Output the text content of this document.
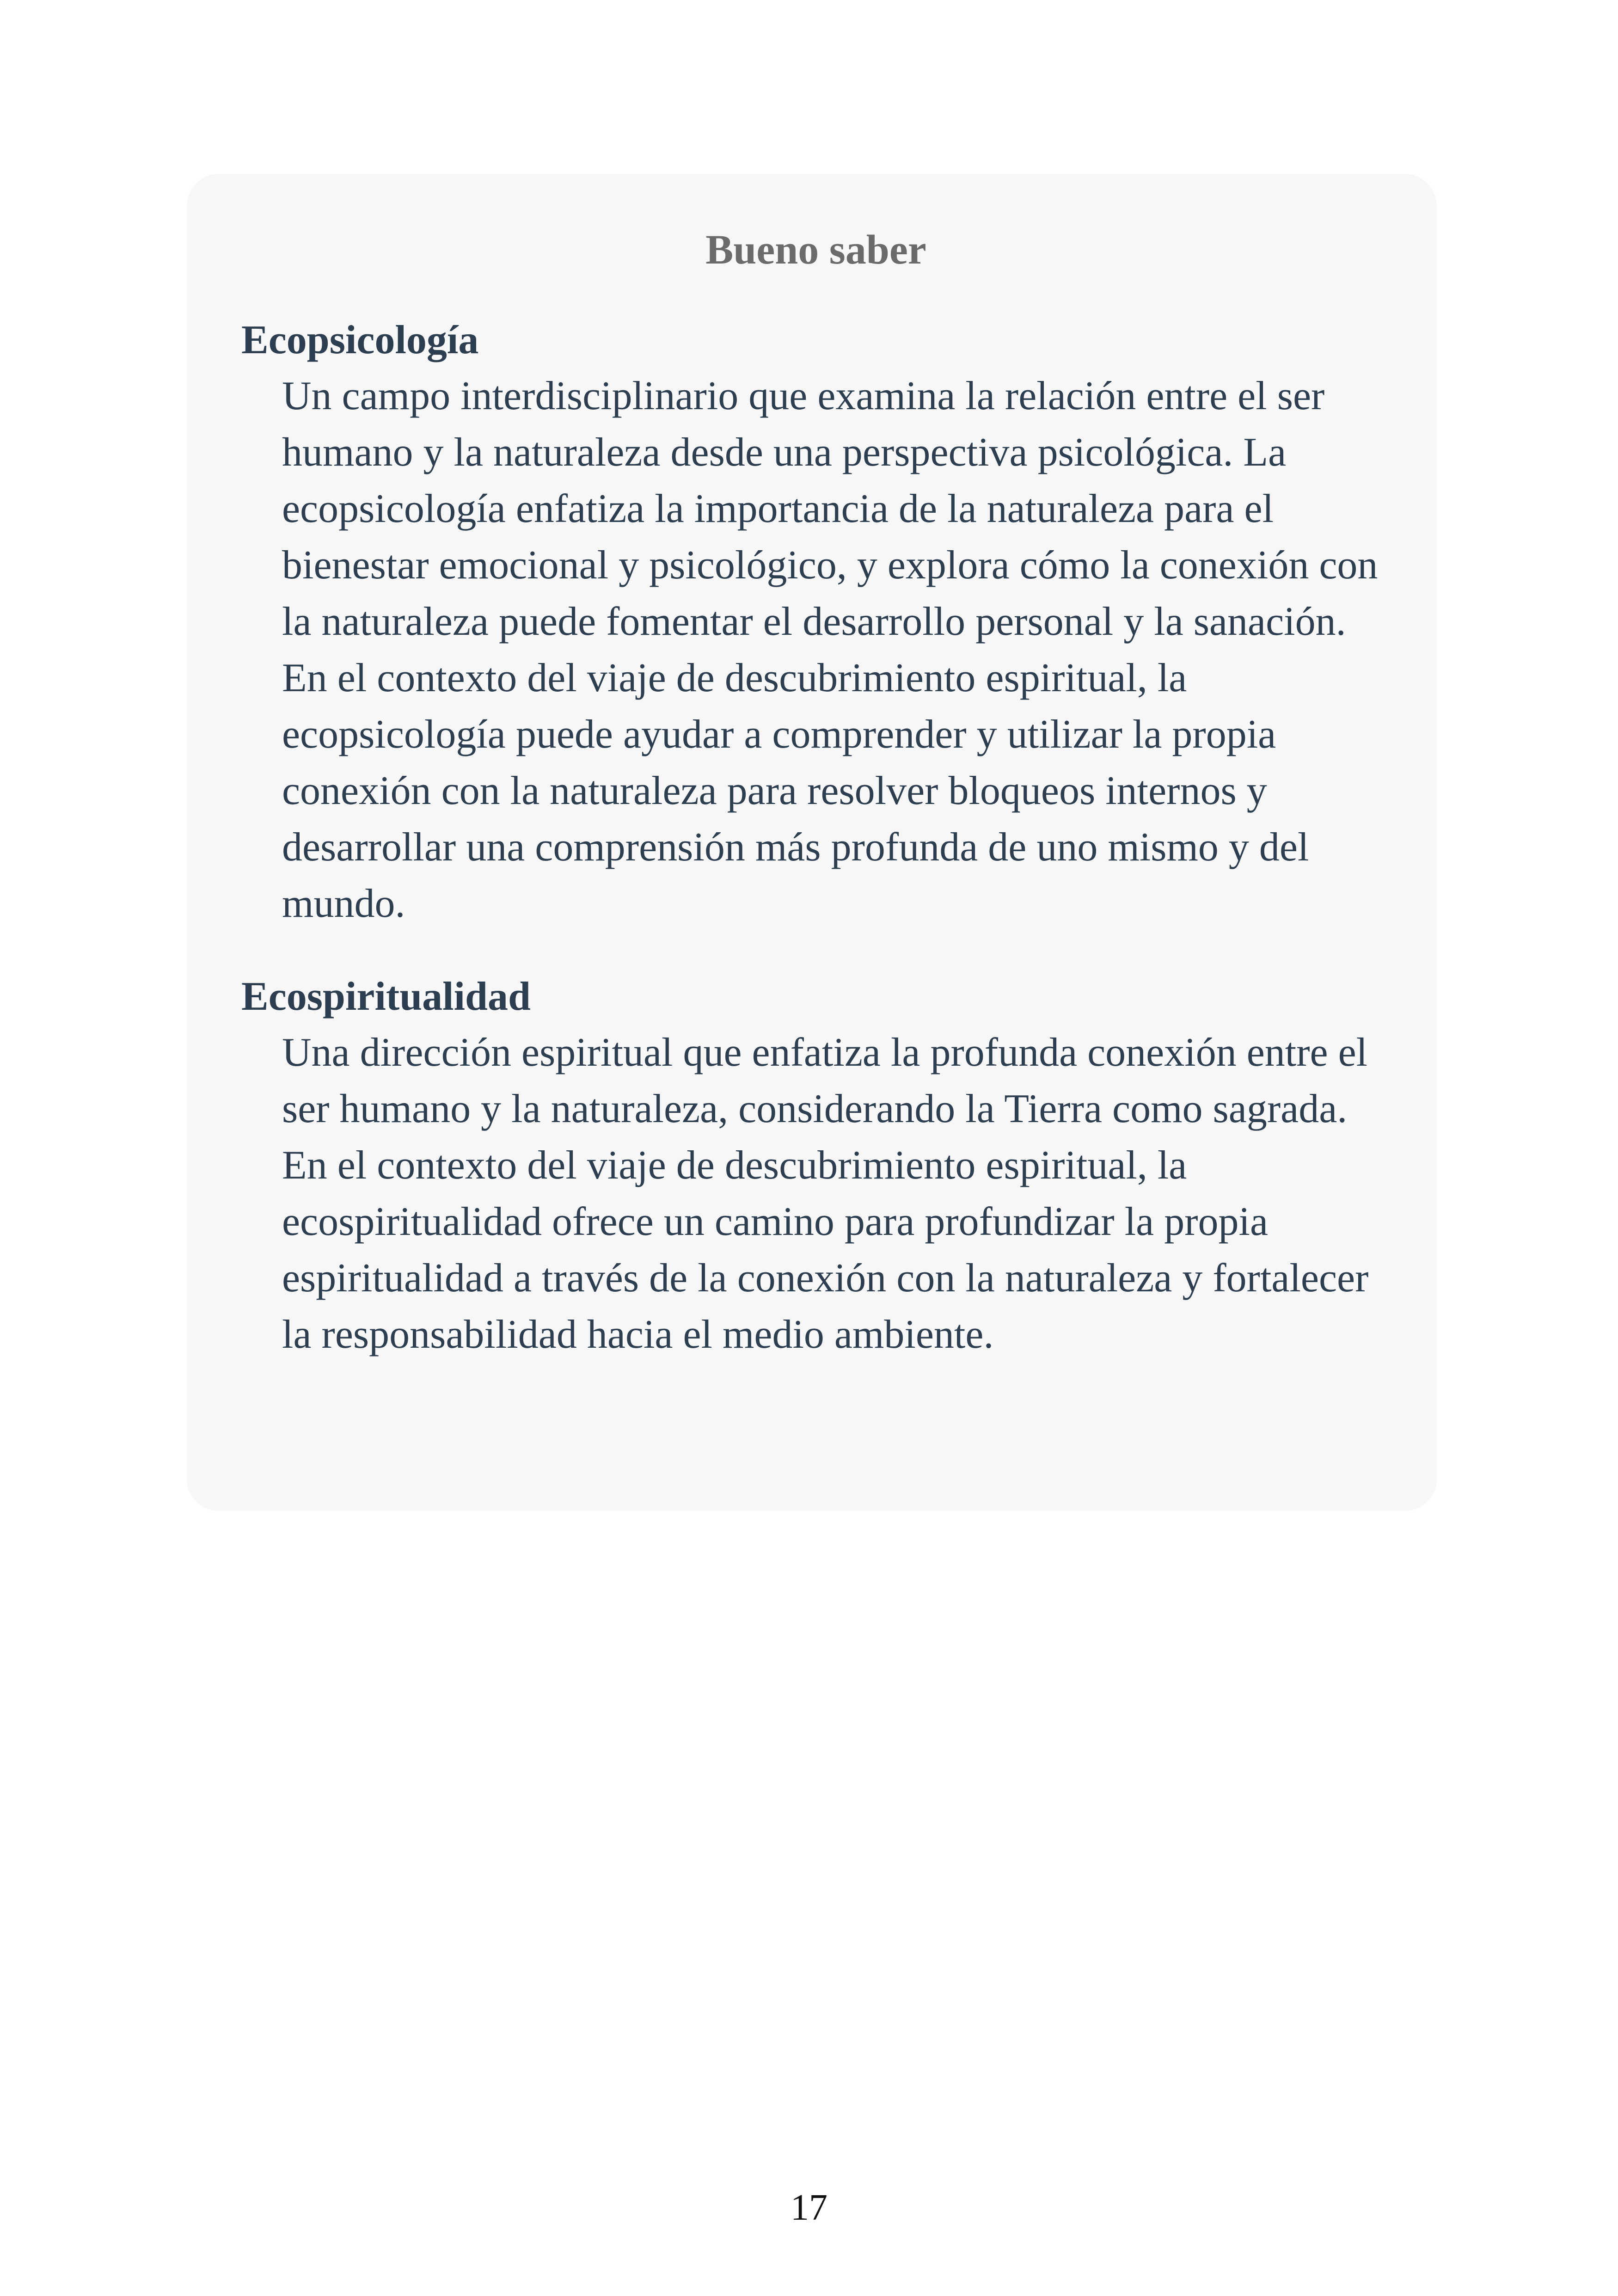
Bueno saber

Ecopsicología

Un campo interdisciplinario que examina la relación entre el ser humano y la naturaleza desde una perspectiva psicológica. La ecopsicología enfatiza la importancia de la naturaleza para el bienestar emocional y psicológico, y explora cómo la conexión con la naturaleza puede fomentar el desarrollo personal y la sanación. En el contexto del viaje de descubrimiento espiritual, la ecopsicología puede ayudar a comprender y utilizar la propia conexión con la naturaleza para resolver bloqueos internos y desarrollar una comprensión más profunda de uno mismo y del mundo.

Ecospiritualidad

Una dirección espiritual que enfatiza la profunda conexión entre el ser humano y la naturaleza, considerando la Tierra como sagrada. En el contexto del viaje de descubrimiento espiritual, la ecospiritualidad ofrece un camino para profundizar la propia espiritualidad a través de la conexión con la naturaleza y fortalecer la responsabilidad hacia el medio ambiente.

17
